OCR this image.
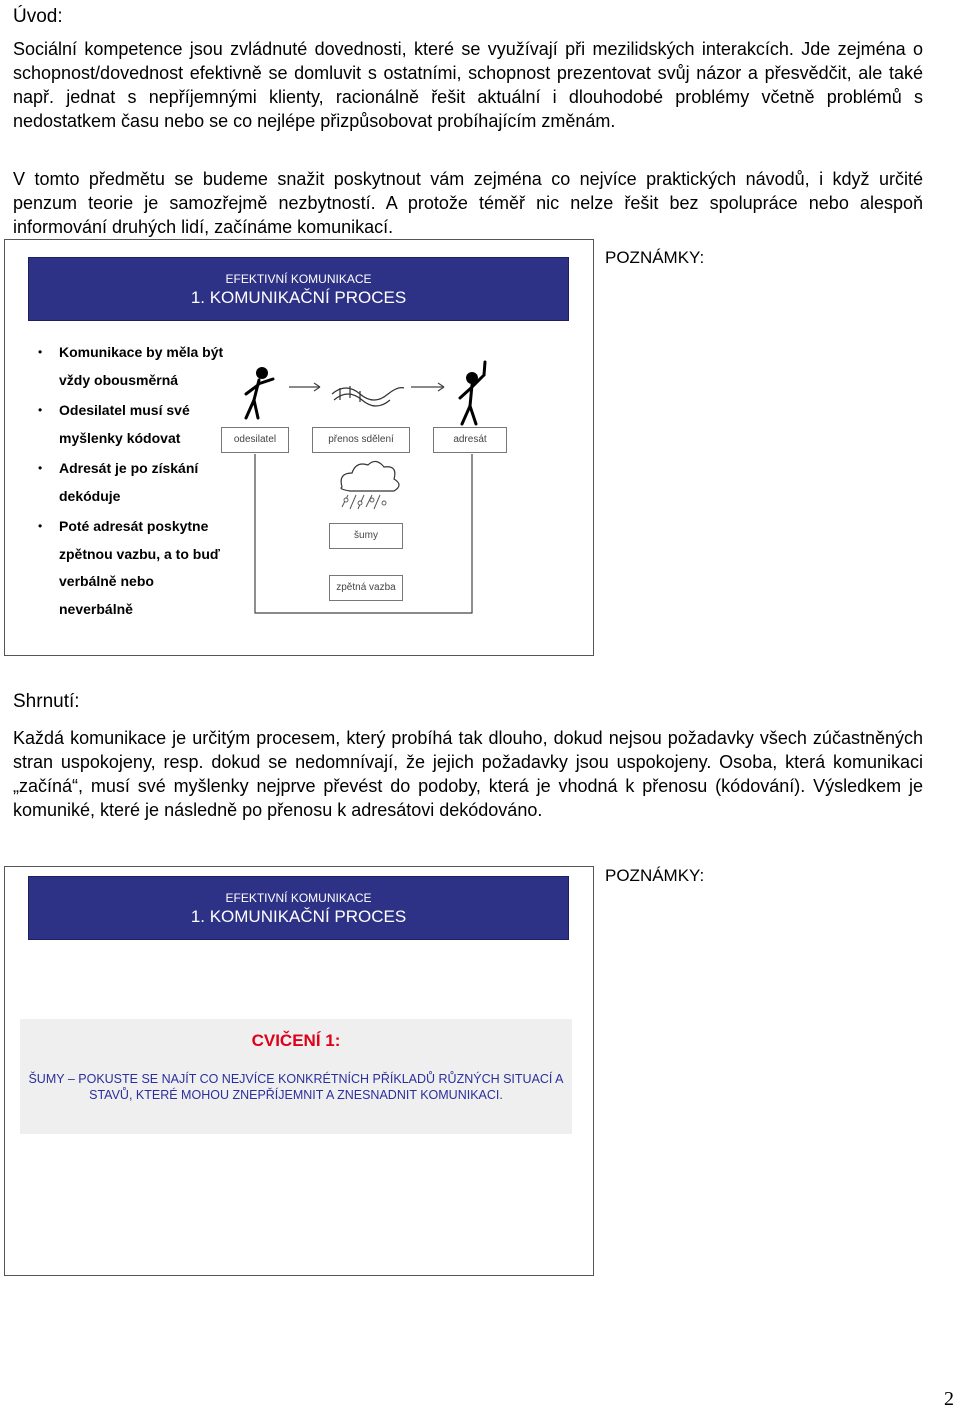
Úvod:
Sociální kompetence jsou zvládnuté dovednosti, které se využívají při mezilidských interakcích. Jde zejména o schopnost/dovednost efektivně se domluvit s ostatními, schopnost prezentovat svůj názor a přesvědčit, ale také např. jednat s nepříjemnými klienty, racionálně řešit aktuální i dlouhodobé problémy včetně problémů s nedostatkem času nebo se co nejlépe přizpůsobovat probíhajícím změnám.
V tomto předmětu se budeme snažit poskytnout vám zejména co nejvíce praktických návodů, i když určité penzum teorie je samozřejmě nezbytností. A protože téměř nic nelze řešit bez spolupráce nebo alespoň informování druhých lidí, začínáme komunikací.
EFEKTIVNÍ KOMUNIKACE
1. KOMUNIKAČNÍ PROCES
POZNÁMKY:
• Komunikace by měla být vždy obousměrná
• Odesilatel musí své myšlenky kódovat
• Adresát je po získání dekóduje
• Poté adresát poskytne zpětnou vazbu, a to buď verbálně nebo neverbálně
odesilatel	přenos sdělení	adresát
šumy
zpětná vazba
Shrnutí:
Každá komunikace je určitým procesem, který probíhá tak dlouho, dokud nejsou požadavky všech zúčastněných stran uspokojeny, resp. dokud se nedomnívají, že jejich požadavky jsou uspokojeny. Osoba, která komunikaci „začíná“, musí své myšlenky nejprve převést do podoby, která je vhodná k přenosu (kódování). Výsledkem je komuniké, které je následně po přenosu k adresátovi dekódováno.
EFEKTIVNÍ KOMUNIKACE
1. KOMUNIKAČNÍ PROCES
POZNÁMKY:
CVIČENÍ 1:
ŠUMY – POKUSTE SE NAJÍT CO NEJVÍCE KONKRÉTNÍCH PŘÍKLADŮ RŮZNÝCH SITUACÍ A STAVŮ, KTERÉ MOHOU ZNEPŘÍJEMNIT A ZNESNADNIT KOMUNIKACI.
2
